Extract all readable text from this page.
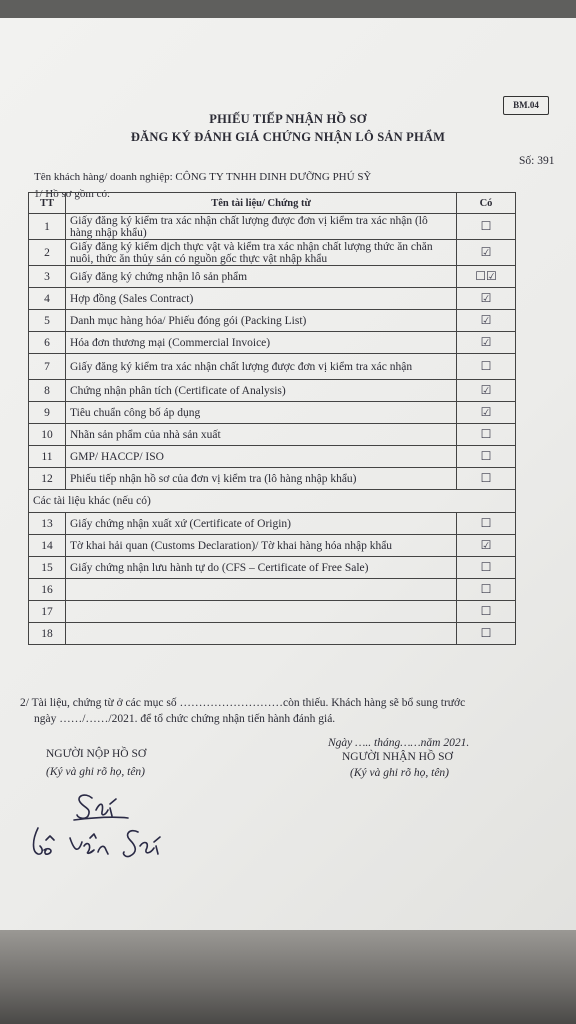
BM.04
PHIẾU TIẾP NHẬN HỒ SƠ
ĐĂNG KÝ ĐÁNH GIÁ CHỨNG NHẬN LÔ SẢN PHẨM
Số: 391
Tên khách hàng/ doanh nghiệp: CÔNG TY TNHH DINH DƯỠNG PHÚ SỸ
1/ Hồ sơ gồm có:
TT	Tên tài liệu/ Chứng từ	Có
1	Giấy đăng ký kiểm tra xác nhận chất lượng được đơn vị kiểm tra xác nhận (lô hàng nhập khẩu)	☐
2	Giấy đăng ký kiểm dịch thực vật và kiểm tra xác nhận chất lượng thức ăn chăn nuôi, thức ăn thủy sản có nguồn gốc thực vật nhập khẩu	☑
3	Giấy đăng ký chứng nhận lô sản phẩm	☐☑
4	Hợp đồng (Sales Contract)	☑
5	Danh mục hàng hóa/ Phiếu đóng gói (Packing List)	☑
6	Hóa đơn thương mại (Commercial Invoice)	☑
7	Giấy đăng ký kiểm tra xác nhận chất lượng được đơn vị kiểm tra xác nhận	☐
8	Chứng nhận phân tích (Certificate of Analysis)	☑
9	Tiêu chuẩn công bố áp dụng	☑
10	Nhãn sản phẩm của nhà sản xuất	☐
11	GMP/ HACCP/ ISO	☐
12	Phiếu tiếp nhận hồ sơ của đơn vị kiểm tra (lô hàng nhập khẩu)	☐
Các tài liệu khác (nếu có)		
13	Giấy chứng nhận xuất xứ (Certificate of Origin)	☐
14	Tờ khai hải quan (Customs Declaration)/ Tờ khai hàng hóa nhập khẩu	☑
15	Giấy chứng nhận lưu hành tự do (CFS – Certificate of Free Sale)	☐
16		☐
17		☐
18		☐
2/ Tài liệu, chứng từ ở các mục số ………………………còn thiếu. Khách hàng sẽ bổ sung trước
ngày ……/……/2021. để tổ chức chứng nhận tiến hành đánh giá.
Ngày ….. tháng……năm 2021.
NGƯỜI NỘP HỒ SƠ
(Ký và ghi rõ họ, tên)
NGƯỜI NHẬN HỒ SƠ
(Ký và ghi rõ họ, tên)
